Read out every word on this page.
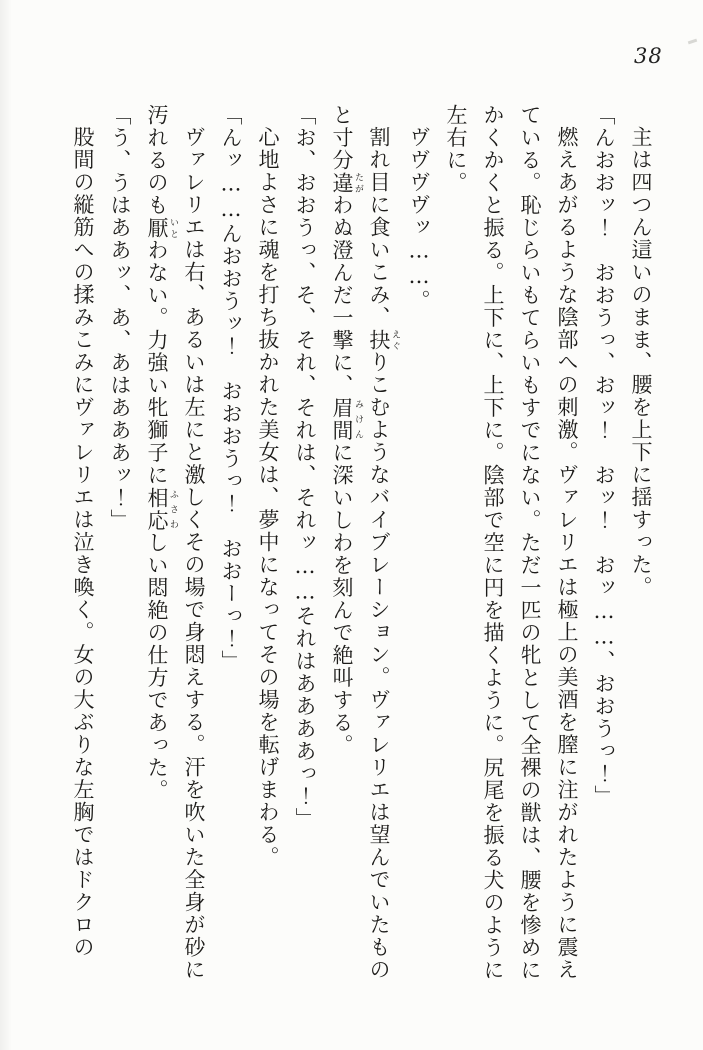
38

主は四つん這いのまま、腰を上下に揺すった。

「んおおッ！　おおうっ、おッ！　おッ！　おッ……、おおうっ！」

燃えあがるような陰部への刺激。ヴァレリエは極上の美酒を膣に注がれたように震えている。恥じらいもてらいもすでにない。ただ一匹の牝として全裸の獣は、腰を惨めにかくかくと振る。上下に、上下に。陰部で空に円を描くように。尻尾を振る犬のように左右に。

ヴヴヴヴッ……。

割れ目に食いこみ、抉 えぐりこむようなバイブレーション。ヴァレリエは望んでいたものと寸分違 たがわぬ澄んだ一撃に、眉間 みけんに深いしわを刻んで絶叫する。

「お、おおうっ、そ、それ、それは、それッ……それはああああっ！」

心地よさに魂を打ち抜かれた美女は、夢中になってその場を転げまわる。

「んッ……んおおうッ！　おおおうっ！　おおーっ！」

ヴァレリエは右、あるいは左にと激しくその場で身悶えする。汗を吹いた全身が砂に汚れるのも厭 いとわない。力強い牝獅子に相応 ふさわしい悶絶の仕方であった。

「う、うはああッ、あ、あはあああッ！」

股間の縦筋への揉みこみにヴァレリエは泣き喚く。女の大ぶりな左胸ではドクロの
